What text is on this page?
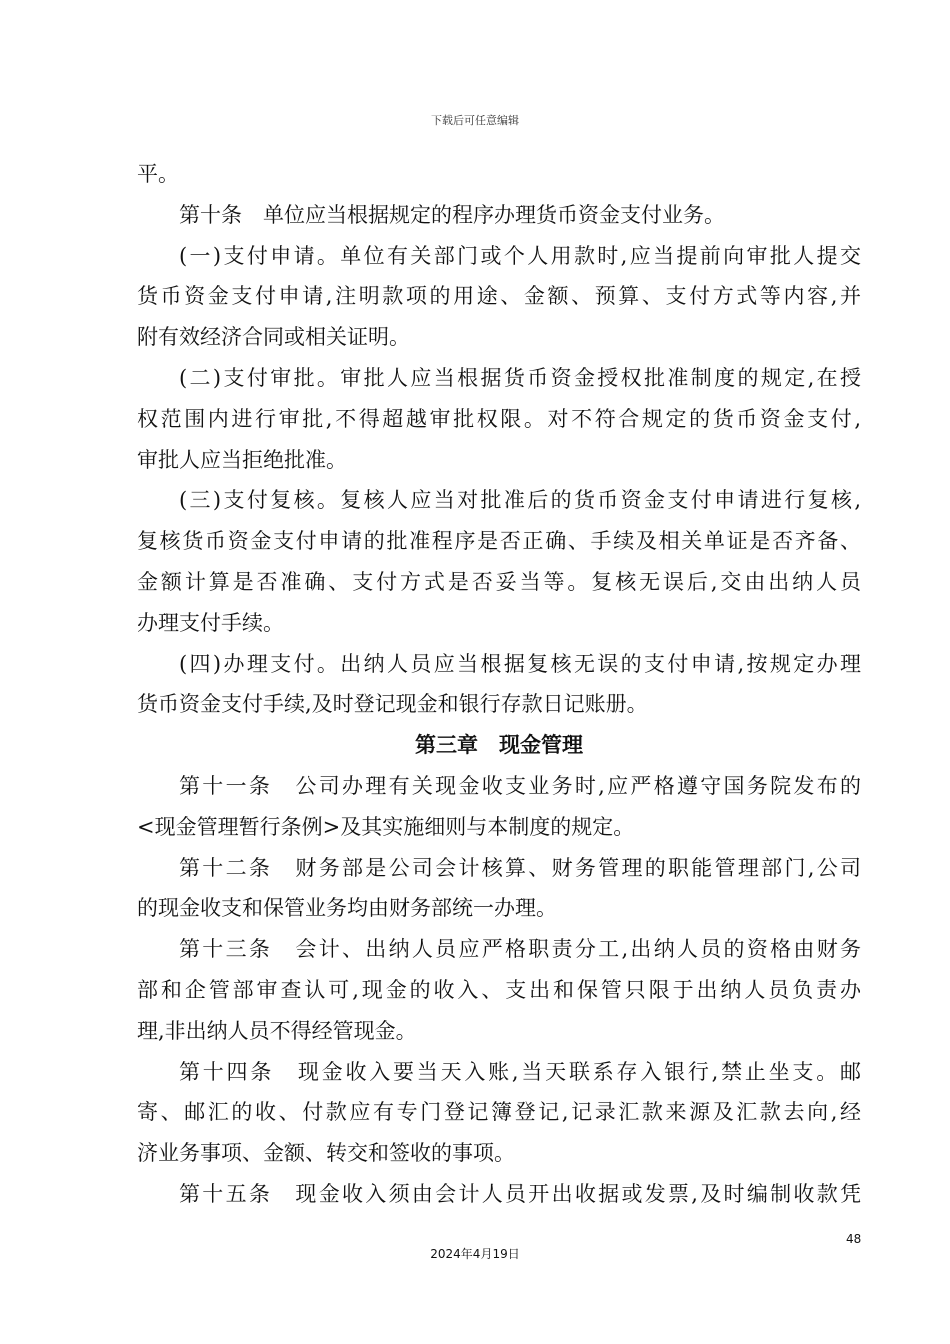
下载后可任意编辑
平。
第十条　单位应当根据规定的程序办理货币资金支付业务。
(一)支付申请。单位有关部门或个人用款时,应当提前向审批人提交
货币资金支付申请,注明款项的用途、金额、预算、支付方式等内容,并
附有效经济合同或相关证明。
(二)支付审批。审批人应当根据货币资金授权批准制度的规定,在授
权范围内进行审批,不得超越审批权限。对不符合规定的货币资金支付,
审批人应当拒绝批准。
(三)支付复核。复核人应当对批准后的货币资金支付申请进行复核,
复核货币资金支付申请的批准程序是否正确、手续及相关单证是否齐备、
金额计算是否准确、支付方式是否妥当等。复核无误后,交由出纳人员
办理支付手续。
(四)办理支付。出纳人员应当根据复核无误的支付申请,按规定办理
货币资金支付手续,及时登记现金和银行存款日记账册。
第三章　现金管理
第十一条　公司办理有关现金收支业务时,应严格遵守国务院发布的
<现金管理暂行条例>及其实施细则与本制度的规定。
第十二条　财务部是公司会计核算、财务管理的职能管理部门,公司
的现金收支和保管业务均由财务部统一办理。
第十三条　会计、出纳人员应严格职责分工,出纳人员的资格由财务
部和企管部审查认可,现金的收入、支出和保管只限于出纳人员负责办
理,非出纳人员不得经管现金。
第十四条　现金收入要当天入账,当天联系存入银行,禁止坐支。邮
寄、邮汇的收、付款应有专门登记簿登记,记录汇款来源及汇款去向,经
济业务事项、金额、转交和签收的事项。
第十五条　现金收入须由会计人员开出收据或发票,及时编制收款凭
48
2024年4月19日
